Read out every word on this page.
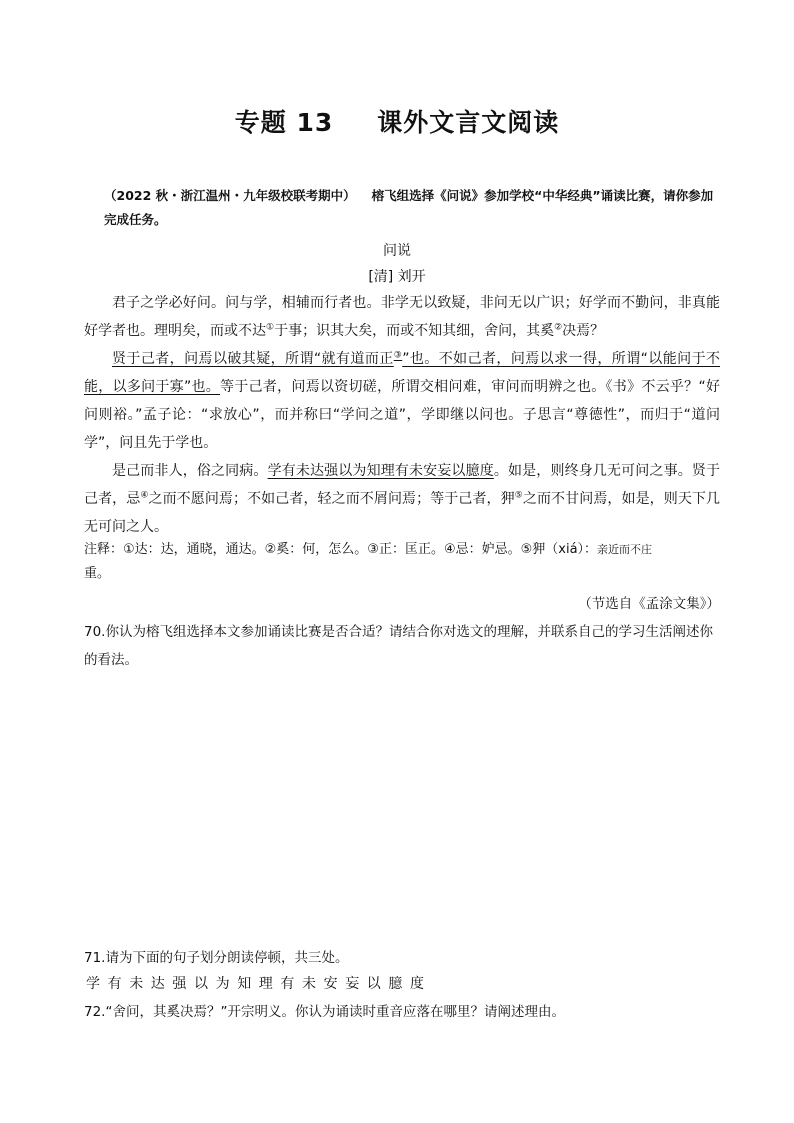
专题 13 课外文言文阅读
（2022 秋・浙江温州・九年级校联考期中） 榕飞组选择《问说》参加学校“中华经典”诵读比赛，请你参加完成任务。
问说
[清] 刘开

君子之学必好问。问与学，相辅而行者也。非学无以致疑，非问无以广识；好学而不勤问，非真能好学者也。理明矣，而或不达①于事；识其大矣，而或不知其细，舍问，其奚②决焉？

贤于己者，问焉以破其疑，所谓“就有道而正③”也。不如己者，问焉以求一得，所谓“以能问于不能，以多问于寡”也。等于己者，问焉以资切磋，所谓交相问难，审问而明辨之也。《书》不云乎？“好问则裕。”孟子论：“求放心”，而并称曰“学问之道”，学即继以问也。子思言“尊德性”，而归于“道问学”，问且先于学也。

是己而非人，俗之同病。学有未达强以为知理有未安妄以臆度。如是，则终身几无可问之事。贤于己者，忌④之而不愿问焉；不如己者，轻之而不屑问焉；等于己者，狎⑤之而不甘问焉，如是，则天下几无可问之人。

注释：①达：达，通晓，通达。②奚：何，怎么。③正：匡正。④忌：妒忌。⑤狎（xiá）：亲近而不庄
重。
（节选自《孟涂文集》）
70.你认为榕飞组选择本文参加诵读比赛是否合适？请结合你对选文的理解，并联系自己的学习生活阐述你的看法。
71.请为下面的句子划分朗读停顿，共三处。
学有未达强以为知理有未安妄以臆度
72.“舍问，其奚决焉？”开宗明义。你认为诵读时重音应落在哪里？请阐述理由。
